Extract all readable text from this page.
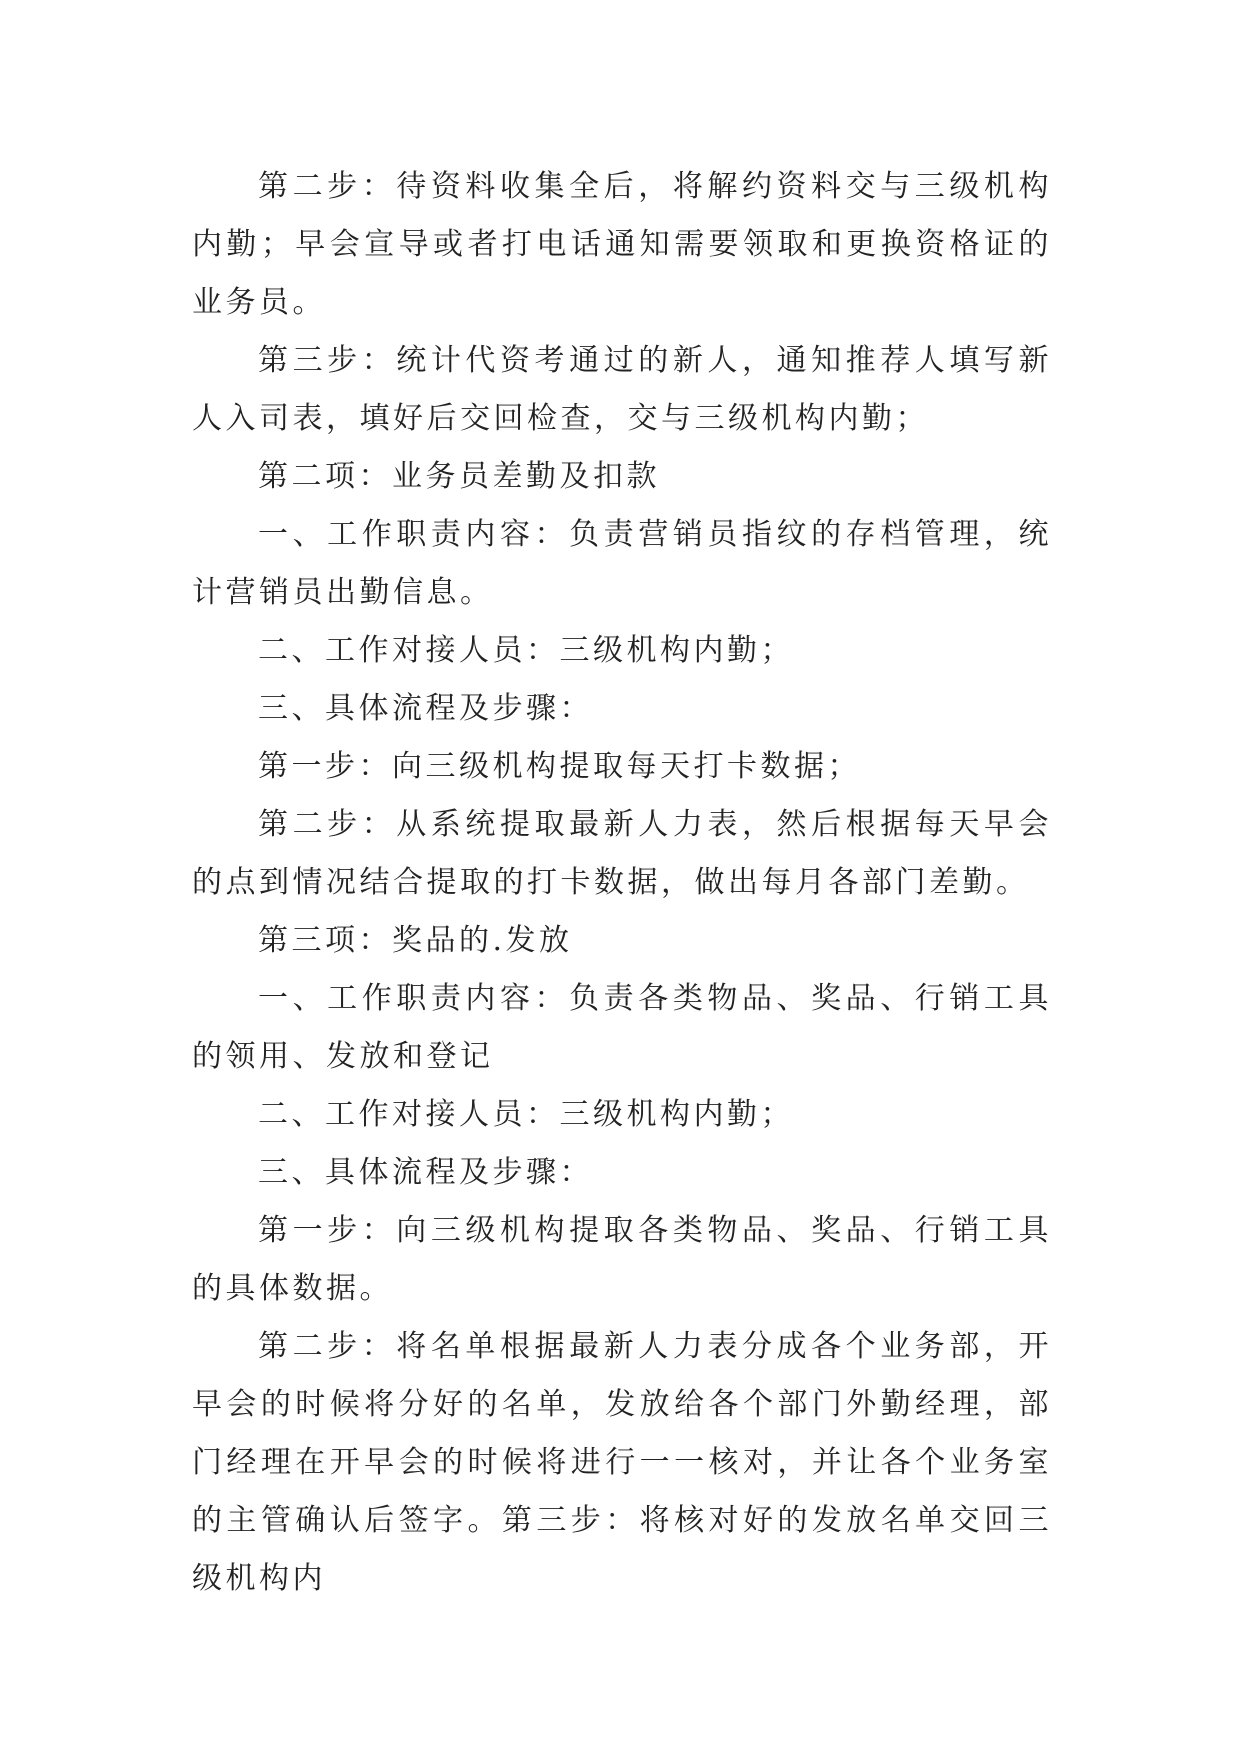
第二步：待资料收集全后，将解约资料交与三级机构内勤；早会宣导或者打电话通知需要领取和更换资格证的业务员。

第三步：统计代资考通过的新人，通知推荐人填写新人入司表，填好后交回检查，交与三级机构内勤；

第二项：业务员差勤及扣款

一、工作职责内容：负责营销员指纹的存档管理，统计营销员出勤信息。

二、工作对接人员：三级机构内勤；

三、具体流程及步骤：

第一步：向三级机构提取每天打卡数据；

第二步：从系统提取最新人力表，然后根据每天早会的点到情况结合提取的打卡数据，做出每月各部门差勤。

第三项：奖品的.发放

一、工作职责内容：负责各类物品、奖品、行销工具的领用、发放和登记

二、工作对接人员：三级机构内勤；

三、具体流程及步骤：

第一步：向三级机构提取各类物品、奖品、行销工具的具体数据。

第二步：将名单根据最新人力表分成各个业务部，开早会的时候将分好的名单，发放给各个部门外勤经理，部门经理在开早会的时候将进行一一核对，并让各个业务室的主管确认后签字。第三步：将核对好的发放名单交回三级机构内
